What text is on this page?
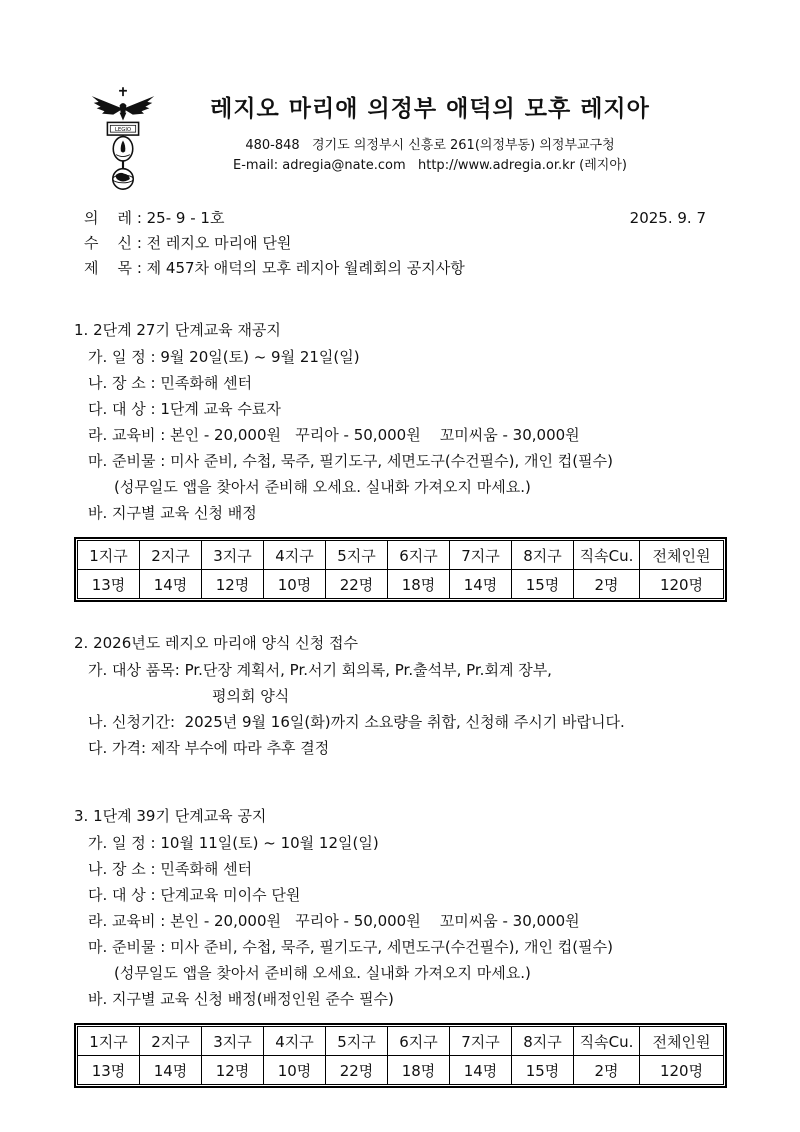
LEGIO
레지오 마리애 의정부 애덕의 모후 레지아
480-848   경기도 의정부시 신흥로 261(의정부동) 의정부교구청
E-mail: adregia@nate.com   http://www.adregia.or.kr (레지아)
의    레 : 25- 9 - 1호	2025. 9. 7
수    신 : 전 레지오 마리애 단원
제    목 : 제 457차 애덕의 모후 레지아 월례회의 공지사항
1. 2단계 27기 단계교육 재공지
가. 일 정 : 9월 20일(토) ~ 9월 21일(일)
나. 장 소 : 민족화해 센터
다. 대 상 : 1단계 교육 수료자
라. 교육비 : 본인 - 20,000원   꾸리아 - 50,000원    꼬미씨움 - 30,000원
마. 준비물 : 미사 준비, 수첩, 묵주, 필기도구, 세면도구(수건필수), 개인 컵(필수)
(성무일도 앱을 찾아서 준비해 오세요. 실내화 가져오지 마세요.)
바. 지구별 교육 신청 배정
1지구	2지구	3지구	4지구	5지구	6지구	7지구	8지구	직속Cu.	전체인원
13명	14명	12명	10명	22명	18명	14명	15명	2명	120명
2. 2026년도 레지오 마리애 양식 신청 접수
가. 대상 품목: Pr.단장 계획서, Pr.서기 회의록, Pr.출석부, Pr.회계 장부,
평의회 양식
나. 신청기간:  2025년 9월 16일(화)까지 소요량을 취합, 신청해 주시기 바랍니다.
다. 가격: 제작 부수에 따라 추후 결정
3. 1단계 39기 단계교육 공지
가. 일 정 : 10월 11일(토) ~ 10월 12일(일)
나. 장 소 : 민족화해 센터
다. 대 상 : 단계교육 미이수 단원
라. 교육비 : 본인 - 20,000원   꾸리아 - 50,000원    꼬미씨움 - 30,000원
마. 준비물 : 미사 준비, 수첩, 묵주, 필기도구, 세면도구(수건필수), 개인 컵(필수)
(성무일도 앱을 찾아서 준비해 오세요. 실내화 가져오지 마세요.)
바. 지구별 교육 신청 배정(배정인원 준수 필수)
1지구	2지구	3지구	4지구	5지구	6지구	7지구	8지구	직속Cu.	전체인원
13명	14명	12명	10명	22명	18명	14명	15명	2명	120명
